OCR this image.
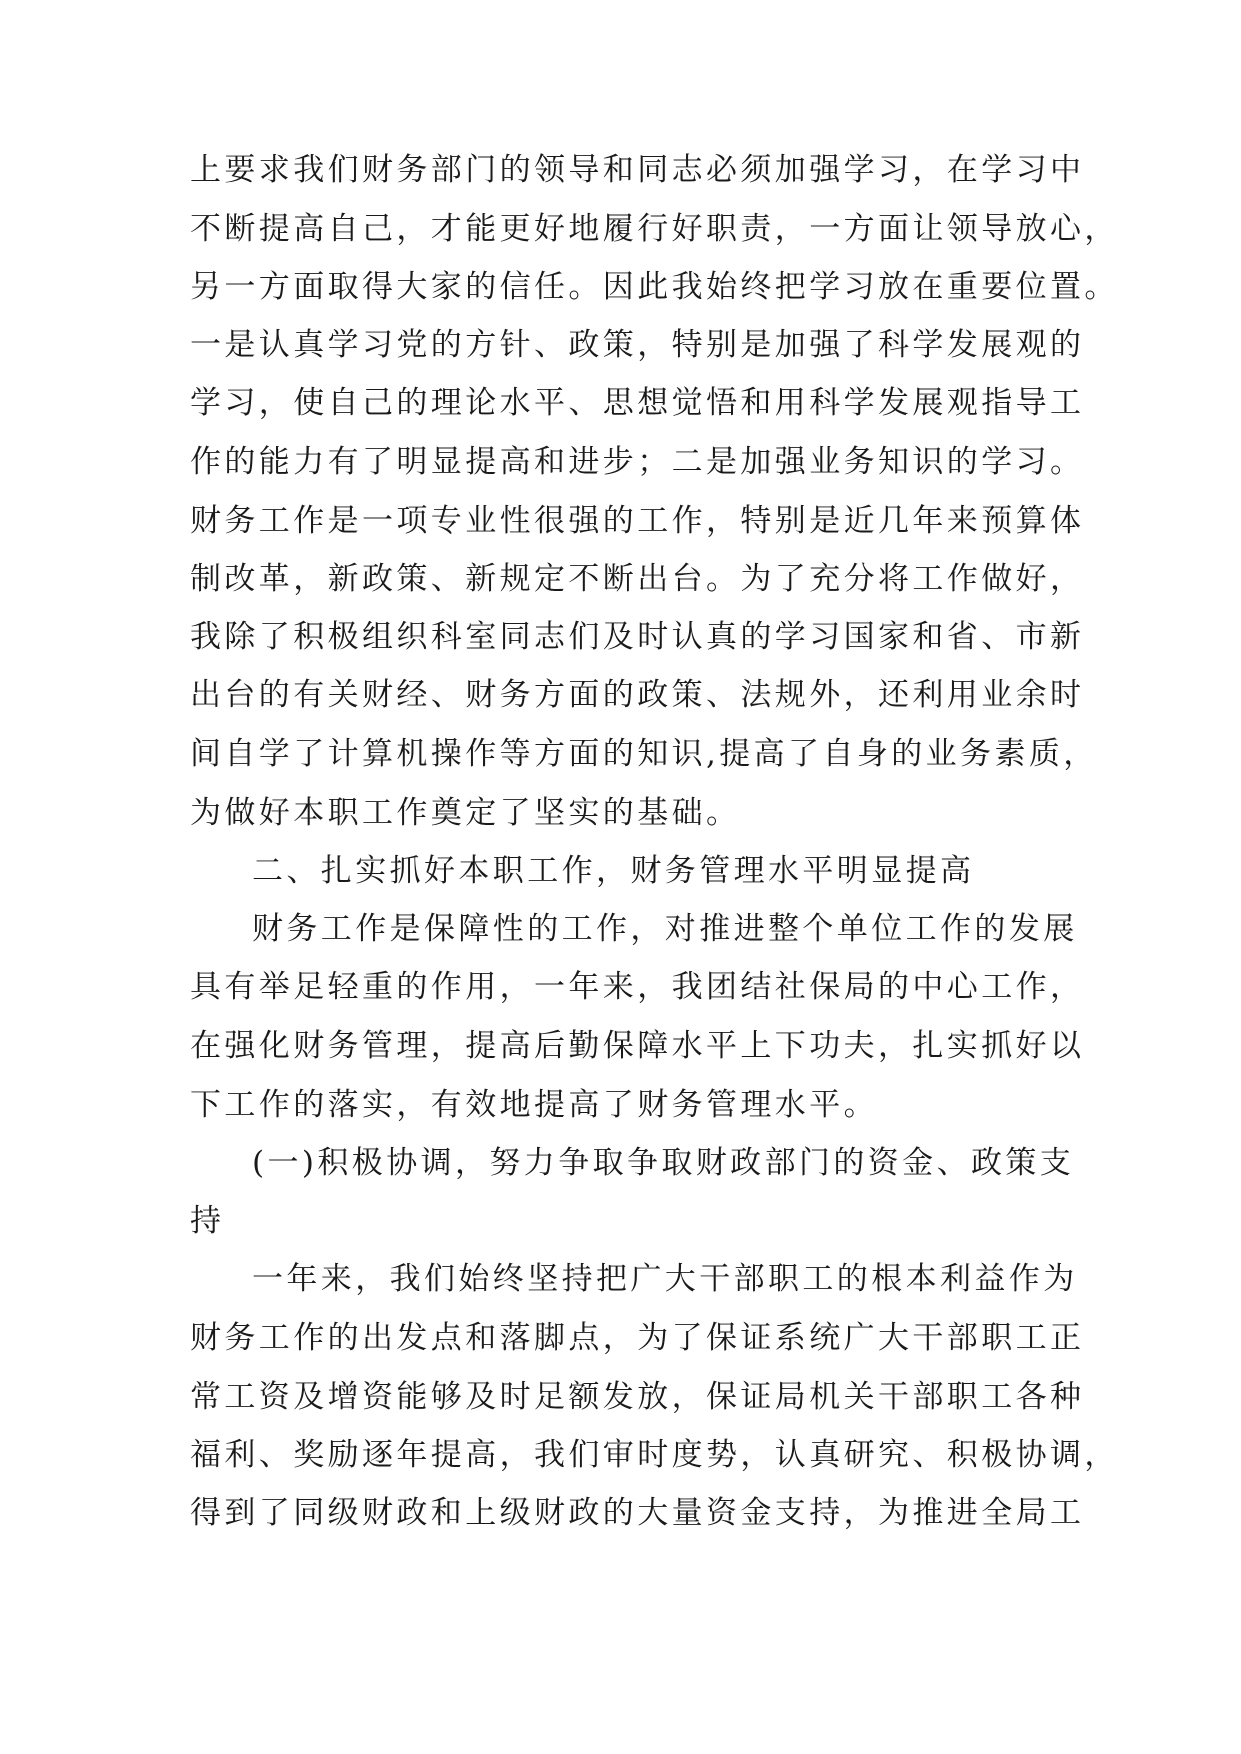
上要求我们财务部门的领导和同志必须加强学习，在学习中
不断提高自己，才能更好地履行好职责，一方面让领导放心，
另一方面取得大家的信任。因此我始终把学习放在重要位置。
一是认真学习党的方针、政策，特别是加强了科学发展观的
学习，使自己的理论水平、思想觉悟和用科学发展观指导工
作的能力有了明显提高和进步；二是加强业务知识的学习。
财务工作是一项专业性很强的工作，特别是近几年来预算体
制改革，新政策、新规定不断出台。为了充分将工作做好，
我除了积极组织科室同志们及时认真的学习国家和省、市新
出台的有关财经、财务方面的政策、法规外，还利用业余时
间自学了计算机操作等方面的知识,提高了自身的业务素质，
为做好本职工作奠定了坚实的基础。
二、扎实抓好本职工作，财务管理水平明显提高
财务工作是保障性的工作，对推进整个单位工作的发展
具有举足轻重的作用，一年来，我团结社保局的中心工作，
在强化财务管理，提高后勤保障水平上下功夫，扎实抓好以
下工作的落实，有效地提高了财务管理水平。
(一)积极协调，努力争取争取财政部门的资金、政策支
持
一年来，我们始终坚持把广大干部职工的根本利益作为
财务工作的出发点和落脚点，为了保证系统广大干部职工正
常工资及增资能够及时足额发放，保证局机关干部职工各种
福利、奖励逐年提高，我们审时度势，认真研究、积极协调，
得到了同级财政和上级财政的大量资金支持，为推进全局工
